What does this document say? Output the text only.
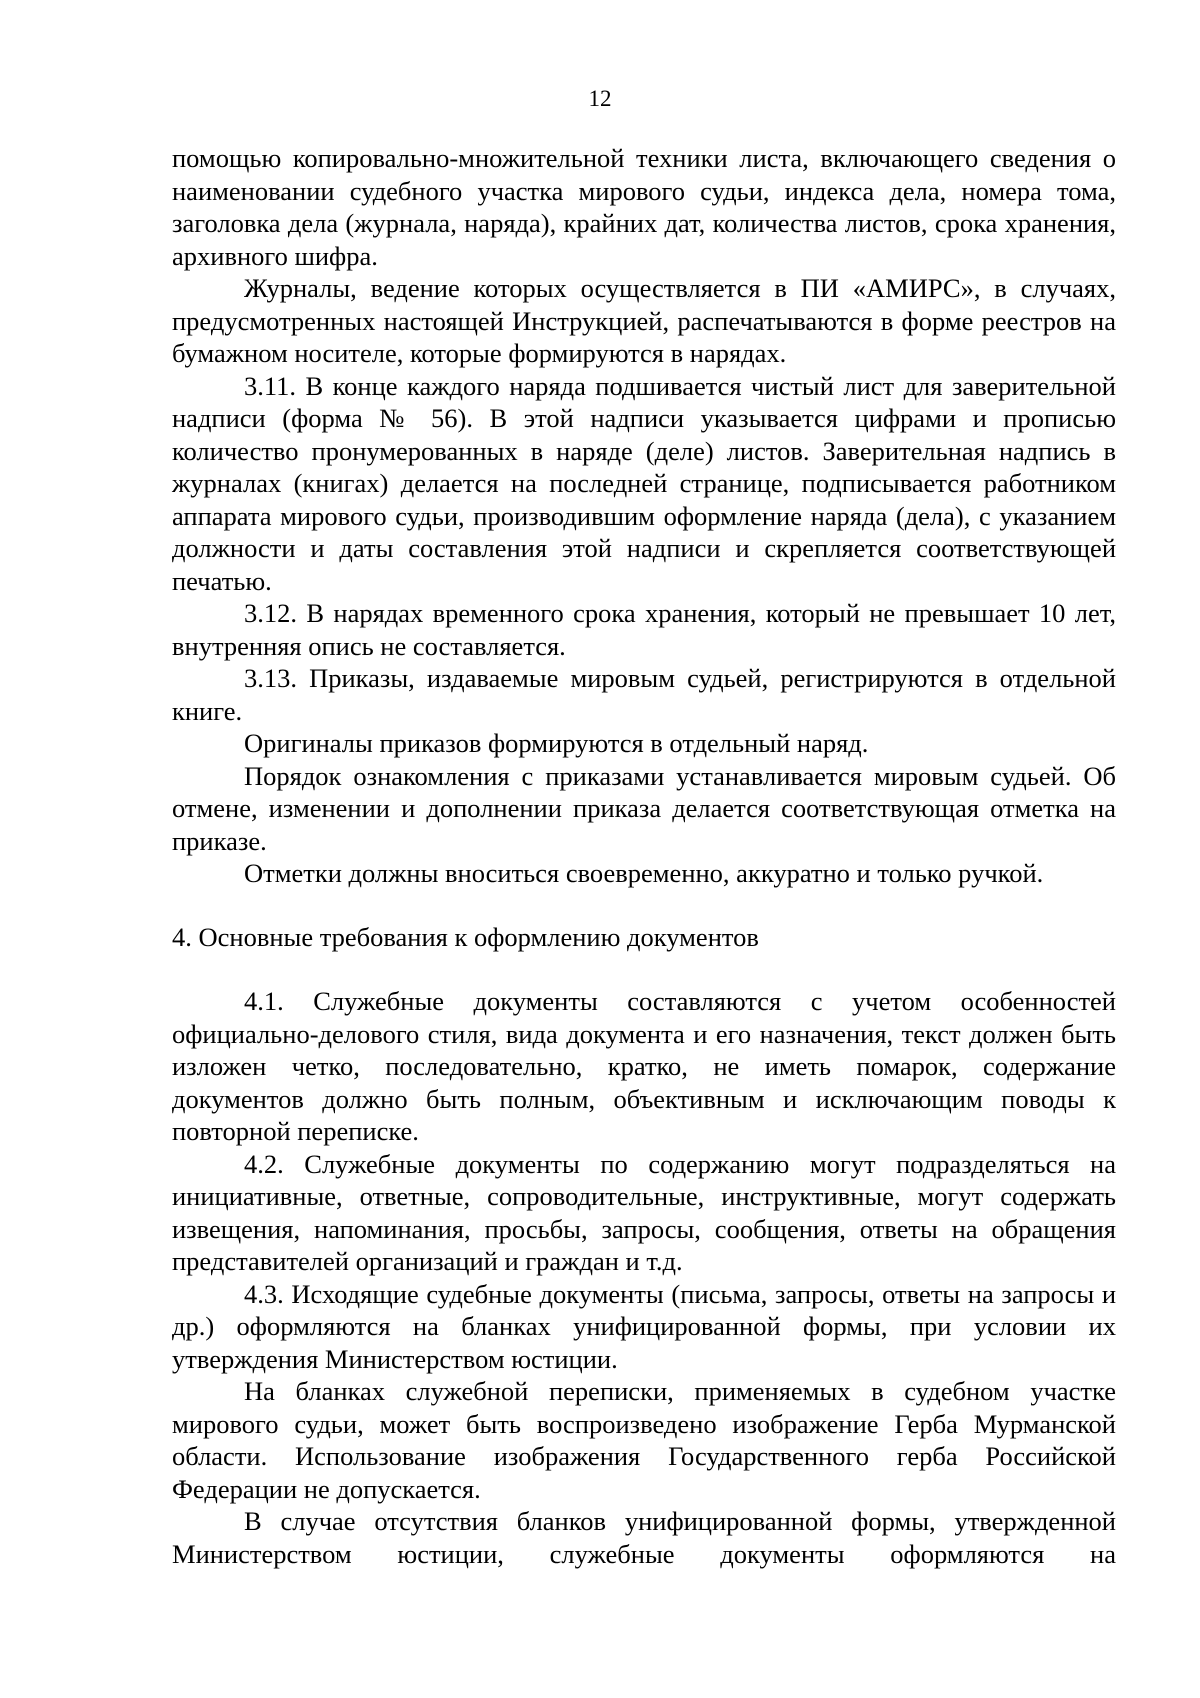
12

помощью копировально-множительной техники листа, включающего сведения о наименовании судебного участка мирового судьи, индекса дела, номера тома, заголовка дела (журнала, наряда), крайних дат, количества листов, срока хранения, архивного шифра.

Журналы, ведение которых осуществляется в ПИ «АМИРС», в случаях, предусмотренных настоящей Инструкцией, распечатываются в форме реестров на бумажном носителе, которые формируются в нарядах.

3.11. В конце каждого наряда подшивается чистый лист для заверительной надписи (форма № 56). В этой надписи указывается цифрами и прописью количество пронумерованных в наряде (деле) листов. Заверительная надпись в журналах (книгах) делается на последней странице, подписывается работником аппарата мирового судьи, производившим оформление наряда (дела), с указанием должности и даты составления этой надписи и скрепляется соответствующей печатью.

3.12. В нарядах временного срока хранения, который не превышает 10 лет, внутренняя опись не составляется.

3.13. Приказы, издаваемые мировым судьей, регистрируются в отдельной книге.

Оригиналы приказов формируются в отдельный наряд.

Порядок ознакомления с приказами устанавливается мировым судьей. Об отмене, изменении и дополнении приказа делается соответствующая отметка на приказе.

Отметки должны вноситься своевременно, аккуратно и только ручкой.

4. Основные требования к оформлению документов

4.1. Служебные документы составляются с учетом особенностей официально-делового стиля, вида документа и его назначения, текст должен быть изложен четко, последовательно, кратко, не иметь помарок, содержание документов должно быть полным, объективным и исключающим поводы к повторной переписке.

4.2. Служебные документы по содержанию могут подразделяться на инициативные, ответные, сопроводительные, инструктивные, могут содержать извещения, напоминания, просьбы, запросы, сообщения, ответы на обращения представителей организаций и граждан и т.д.

4.3. Исходящие судебные документы (письма, запросы, ответы на запросы и др.) оформляются на бланках унифицированной формы, при условии их утверждения Министерством юстиции.

На бланках служебной переписки, применяемых в судебном участке мирового судьи, может быть воспроизведено изображение Герба Мурманской области. Использование изображения Государственного герба Российской Федерации не допускается.

В случае отсутствия бланков унифицированной формы, утвержденной Министерством юстиции, служебные документы оформляются на
